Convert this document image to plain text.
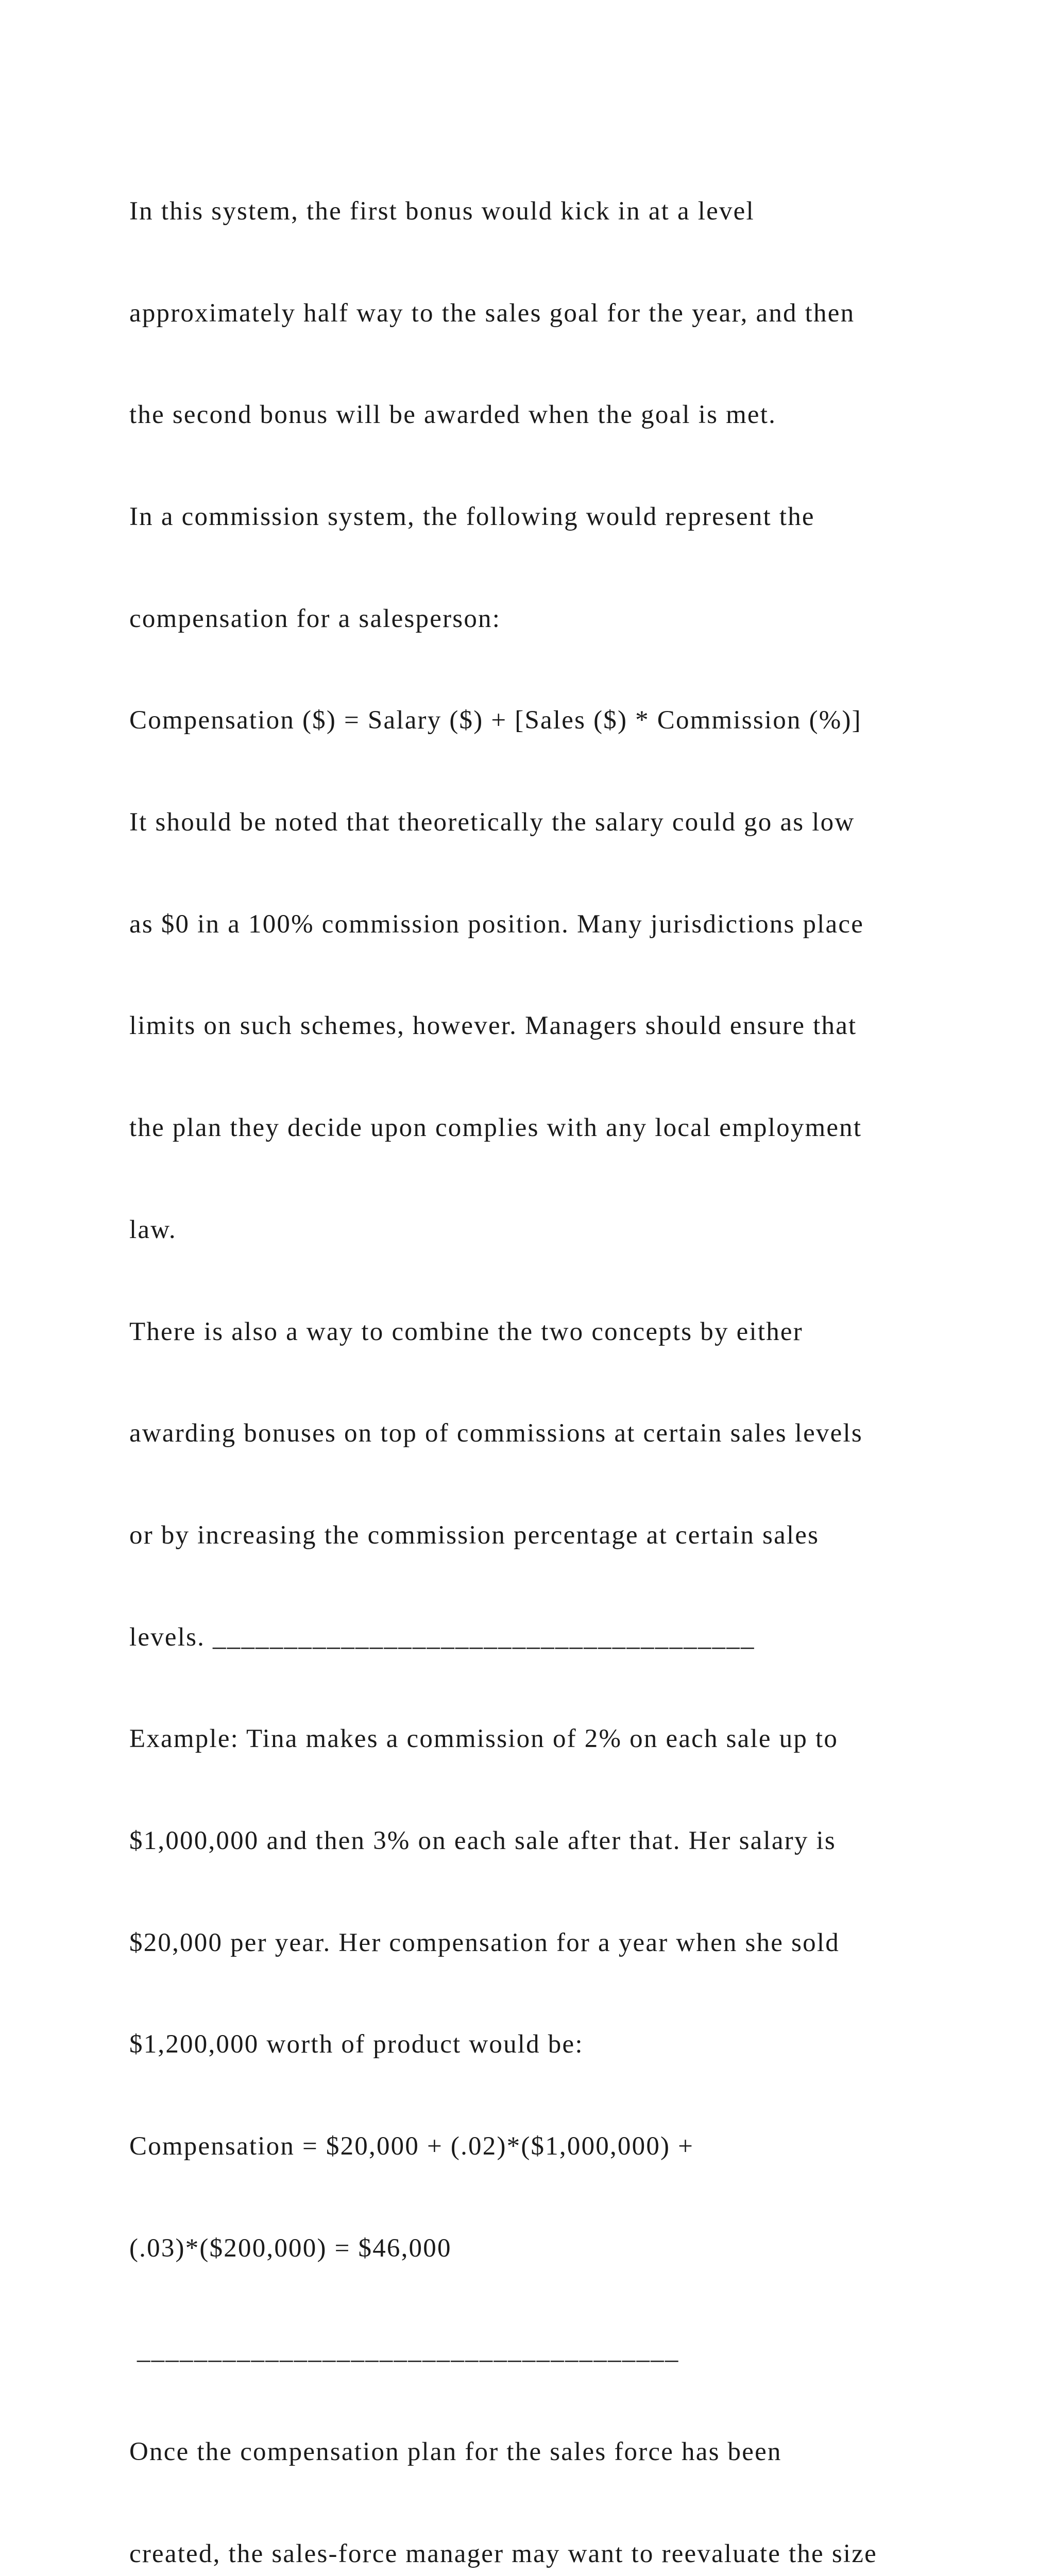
In this system, the first bonus would kick in at a level

approximately half way to the sales goal for the year, and then

the second bonus will be awarded when the goal is met.

In a commission system, the following would represent the

compensation for a salesperson:

Compensation ($) = Salary ($) + [Sales ($) * Commission (%)]

It should be noted that theoretically the salary could go as low

as $0 in a 100% commission position. Many jurisdictions place

limits on such schemes, however. Managers should ensure that

the plan they decide upon complies with any local employment

law.

There is also a way to combine the two concepts by either

awarding bonuses on top of commissions at certain sales levels

or by increasing the commission percentage at certain sales

levels. ______________________________________

Example: Tina makes a commission of 2% on each sale up to

$1,000,000 and then 3% on each sale after that. Her salary is

$20,000 per year. Her compensation for a year when she sold

$1,200,000 worth of product would be:

Compensation = $20,000 + (.02)*($1,000,000) +

(.03)*($200,000) = $46,000

______________________________________

Once the compensation plan for the sales force has been

created, the sales-force manager may want to reevaluate the size
